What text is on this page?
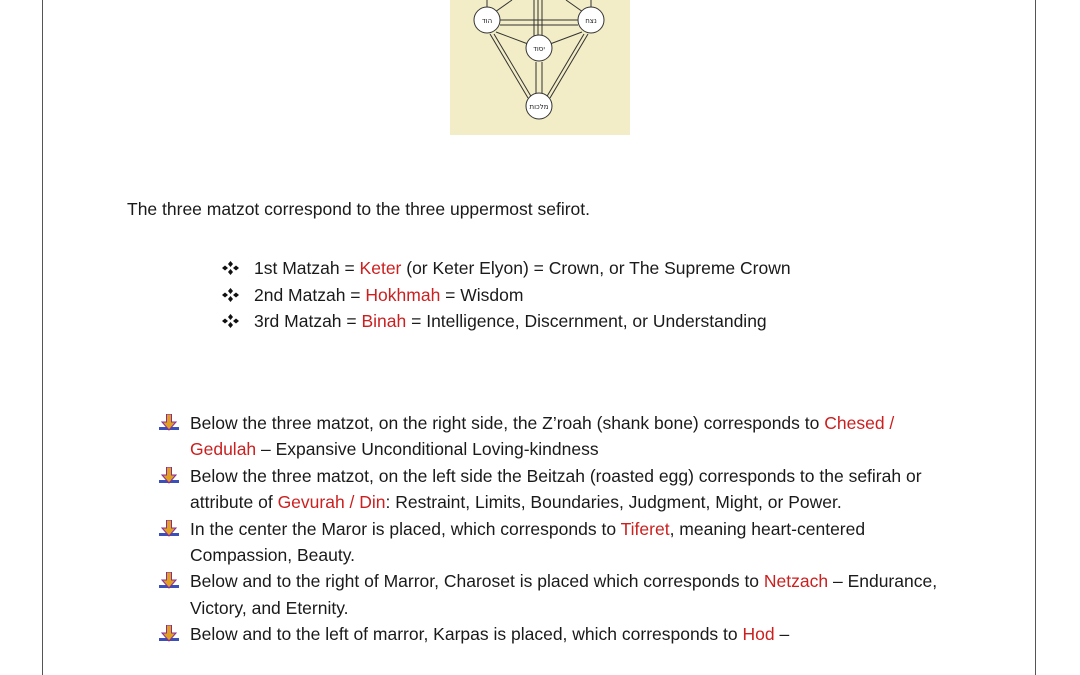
הוד	נצח
יסוד
מלכות
The three matzot correspond to the three uppermost sefirot.
1st Matzah = Keter (or Keter Elyon) = Crown, or The Supreme Crown
2nd Matzah = Hokhmah = Wisdom
3rd Matzah = Binah = Intelligence, Discernment, or Understanding
Below the three matzot, on the right side, the Z’roah (shank bone) corresponds to Chesed / Gedulah – Expansive Unconditional Loving-kindness
Below the three matzot, on the left side the Beitzah (roasted egg) corresponds to the sefirah or attribute of Gevurah / Din: Restraint, Limits, Boundaries, Judgment, Might, or Power.
In the center the Maror is placed, which corresponds to Tiferet, meaning heart-centered Compassion, Beauty.
Below and to the right of Marror, Charoset is placed which corresponds to Netzach – Endurance, Victory, and Eternity.
Below and to the left of marror, Karpas is placed, which corresponds to Hod –
